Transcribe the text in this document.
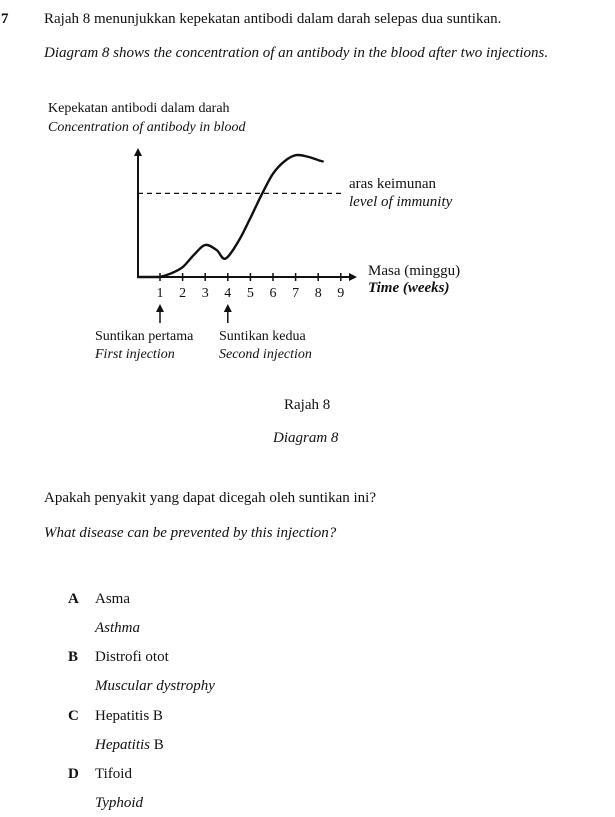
7 Rajah 8 menunjukkan kepekatan antibodi dalam darah selepas dua suntikan.
Diagram 8 shows the concentration of an antibody in the blood after two injections.
Kepekatan antibodi dalam darah
Concentration of antibody in blood
aras keimunan
level of immunity
1 2 3 4 5 6 7 8 9
Masa (minggu)
Time (weeks)
Suntikan pertama
First injection
Suntikan kedua
Second injection
Rajah 8
Diagram 8
Apakah penyakit yang dapat dicegah oleh suntikan ini?
What disease can be prevented by this injection?
A Asma
Asthma
B Distrofi otot
Muscular dystrophy
C Hepatitis B
Hepatitis B
D Tifoid
Typhoid
